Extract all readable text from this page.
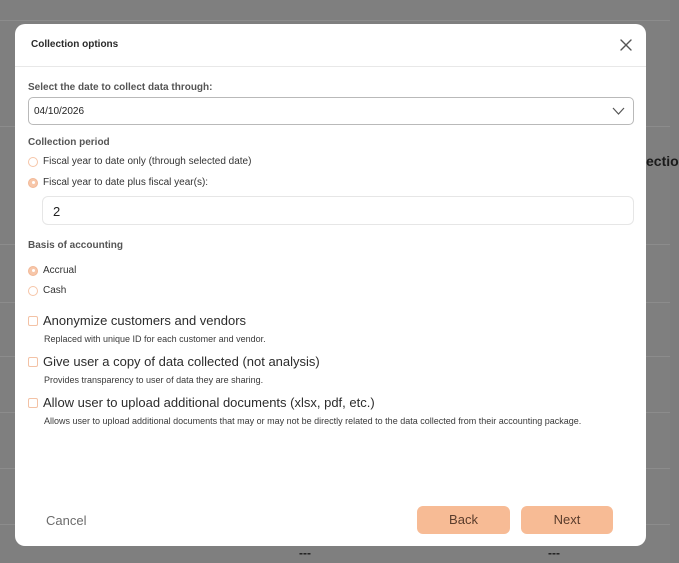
ectio
---	---
Collection options
Select the date to collect data through:
04/10/2026
Collection period
Fiscal year to date only (through selected date)
Fiscal year to date plus fiscal year(s):
2
Basis of accounting
Accrual
Cash
Anonymize customers and vendors
Replaced with unique ID for each customer and vendor.
Give user a copy of data collected (not analysis)
Provides transparency to user of data they are sharing.
Allow user to upload additional documents (xlsx, pdf, etc.)
Allows user to upload additional documents that may or may not be directly related to the data collected from their accounting package.
Cancel	Back	Next
